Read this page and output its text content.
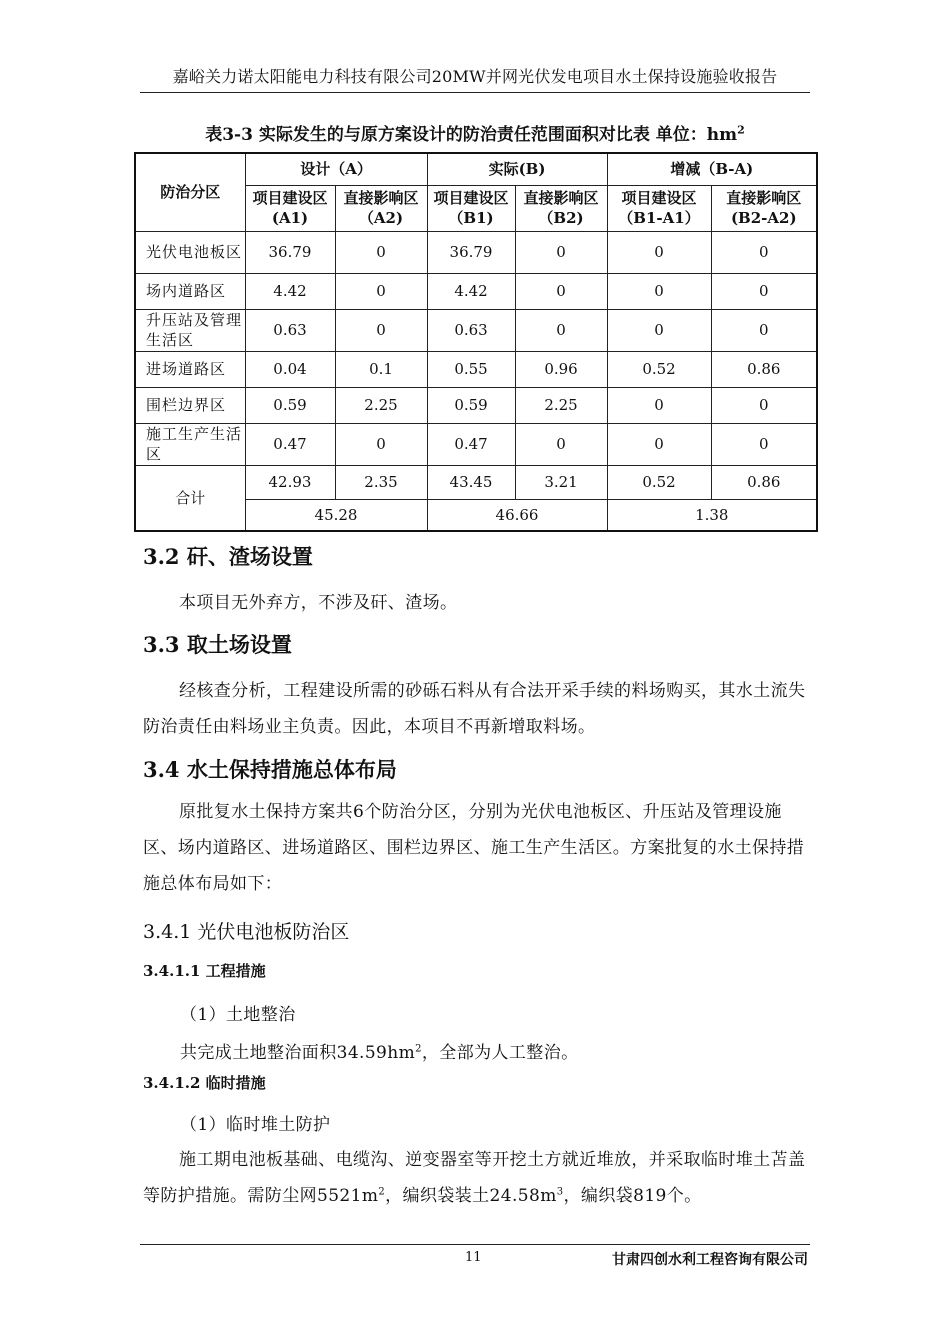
嘉峪关力诺太阳能电力科技有限公司20MW并网光伏发电项目水土保持设施验收报告
表3-3 实际发生的与原方案设计的防治责任范围面积对比表 单位：$hm^2$
防治分区	设计（A）		实际(B)		增减（B-A)	
	项目建设区(A1)	直接影响区（A2)	项目建设区（B1)	直接影响区（B2)	项目建设区（B1-A1）	直接影响区(B2-A2)
光伏电池板区	36.79	0	36.79	0	0	0
场内道路区	4.42	0	4.42	0	0	0
升压站及管理生活区	0.63	0	0.63	0	0	0
进场道路区	0.04	0.1	0.55	0.96	0.52	0.86
围栏边界区	0.59	2.25	0.59	2.25	0	0
施工生产生活区	0.47	0	0.47	0	0	0
合计	42.93	2.35	43.45	3.21	0.52	0.86
	45.28		46.66		1.38	
3.2 矸、渣场设置
本项目无外弃方，不涉及矸、渣场。
3.3 取土场设置
经核查分析，工程建设所需的砂砾石料从有合法开采手续的料场购买，其水土流失防治责任由料场业主负责。因此，本项目不再新增取料场。
3.4 水土保持措施总体布局
原批复水土保持方案共6个防治分区，分别为光伏电池板区、升压站及管理设施区、场内道路区、进场道路区、围栏边界区、施工生产生活区。方案批复的水土保持措施总体布局如下：
3.4.1 光伏电池板防治区
3.4.1.1 工程措施
（1）土地整治
共完成土地整治面积$34.59hm^2$，全部为人工整治。
3.4.1.2 临时措施
（1）临时堆土防护
施工期电池板基础、电缆沟、逆变器室等开挖土方就近堆放，并采取临时堆土苫盖等防护措施。需防尘网$5521m^2$，编织袋装土$24.58m^3$，编织袋819个。
11	甘肃四创水利工程咨询有限公司
